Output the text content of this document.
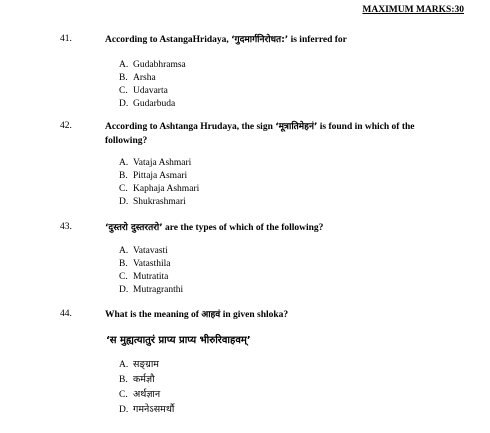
MAXIMUM MARKS:30
41.	According to AstangaHridaya, ‘गुदमार्गनिरोधत:’ is inferred for
A. Gudabhramsa
B. Arsha
C. Udavarta
D. Gudarbuda
42.	According to Ashtanga Hrudaya, the sign ‘मूत्रातिमेहनं’ is found in which of the following?
A. Vataja Ashmari
B. Pittaja Asmari
C. Kaphaja Ashmari
D. Shukrashmari
43.	‘दुस्तरो दुस्तरतरो’ are the types of which of the following?
A. Vatavasti
B. Vatasthila
C. Mutratita
D. Mutragranthi
44.	What is the meaning of आहवं in given shloka?
‘स मुह्यत्यातुरं प्राप्य प्राप्य भीरुरिवाहवम्’
A. सङ्ग्राम
B. कर्मज्ञौ
C. अर्थज्ञान
D. गमनेऽसमर्थौ
